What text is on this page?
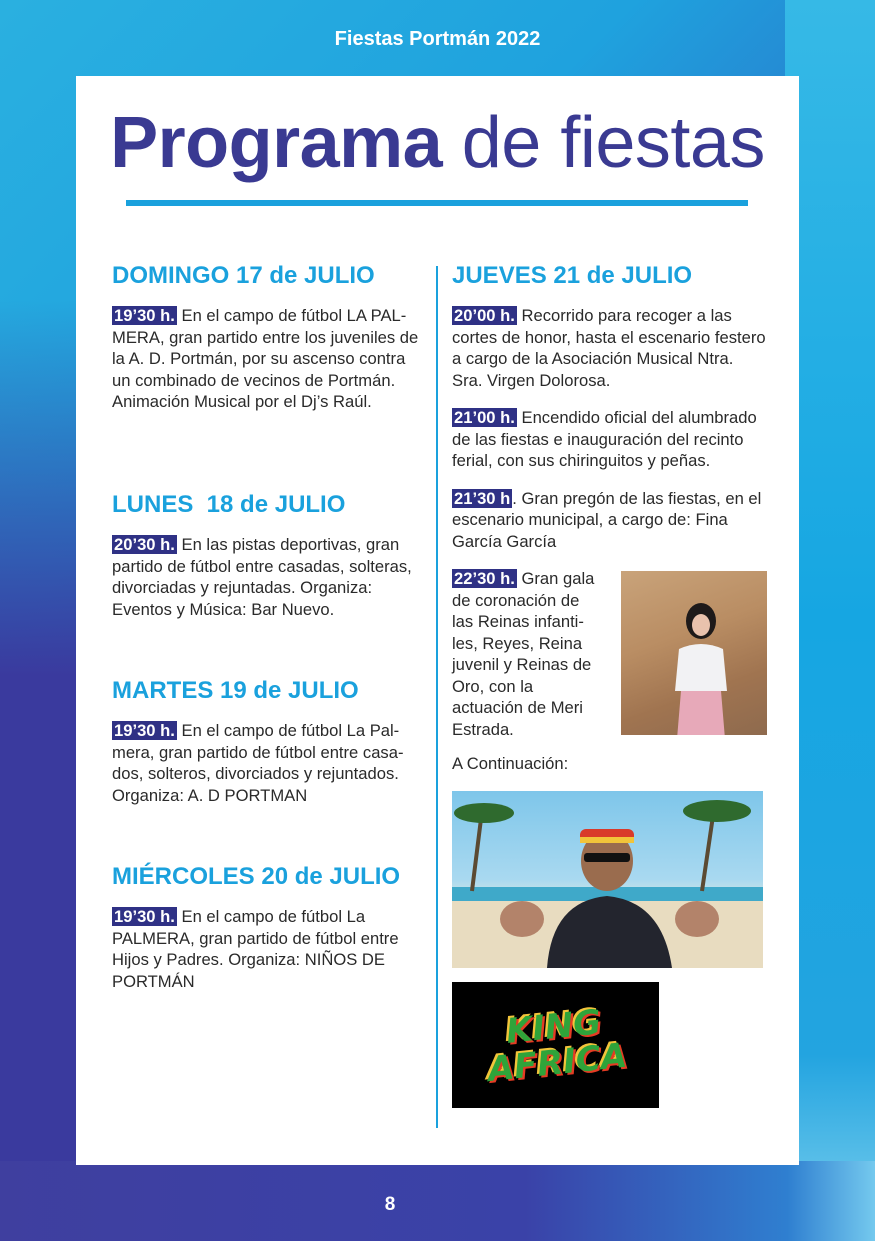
Fiestas Portmán 2022
Programa de fiestas
DOMINGO 17 de JULIO

19’30 h. En el campo de fútbol LA PALMERA, gran partido entre los juveniles de la A. D. Portmán, por su ascenso contra un combinado de vecinos de Portmán. Animación Musical por el Dj’s Raúl.

LUNES  18 de JULIO

20’30 h. En las pistas deportivas, gran partido de fútbol entre casadas, solteras, divorciadas y rejuntadas. Organiza: Eventos y Música: Bar Nuevo.

MARTES 19 de JULIO

19’30 h. En el campo de fútbol La Palmera, gran partido de fútbol entre casados, solteros, divorciados y rejuntados. Organiza: A. D PORTMAN

MIÉRCOLES 20 de JULIO

19’30 h. En el campo de fútbol La PALMERA, gran partido de fútbol entre Hijos y Padres. Organiza: NIÑOS DE PORTMÁN

JUEVES 21 de JULIO

20’00 h. Recorrido para recoger a las cortes de honor, hasta el escenario festero a cargo de la Asociación Musical Ntra. Sra. Virgen Dolorosa.

21’00 h. Encendido oficial del alumbrado de las fiestas e inauguración del recinto ferial, con sus chiringuitos y peñas.

21’30 h . Gran pregón de las fiestas, en el escenario municipal, a cargo de: Fina García García

22’30 h. Gran gala de coronación de las Reinas infantiles, Reyes, Reina juvenil y Reinas de Oro, con la actuación de Meri Estrada.

A Continuación:

KING AFRICA
8
